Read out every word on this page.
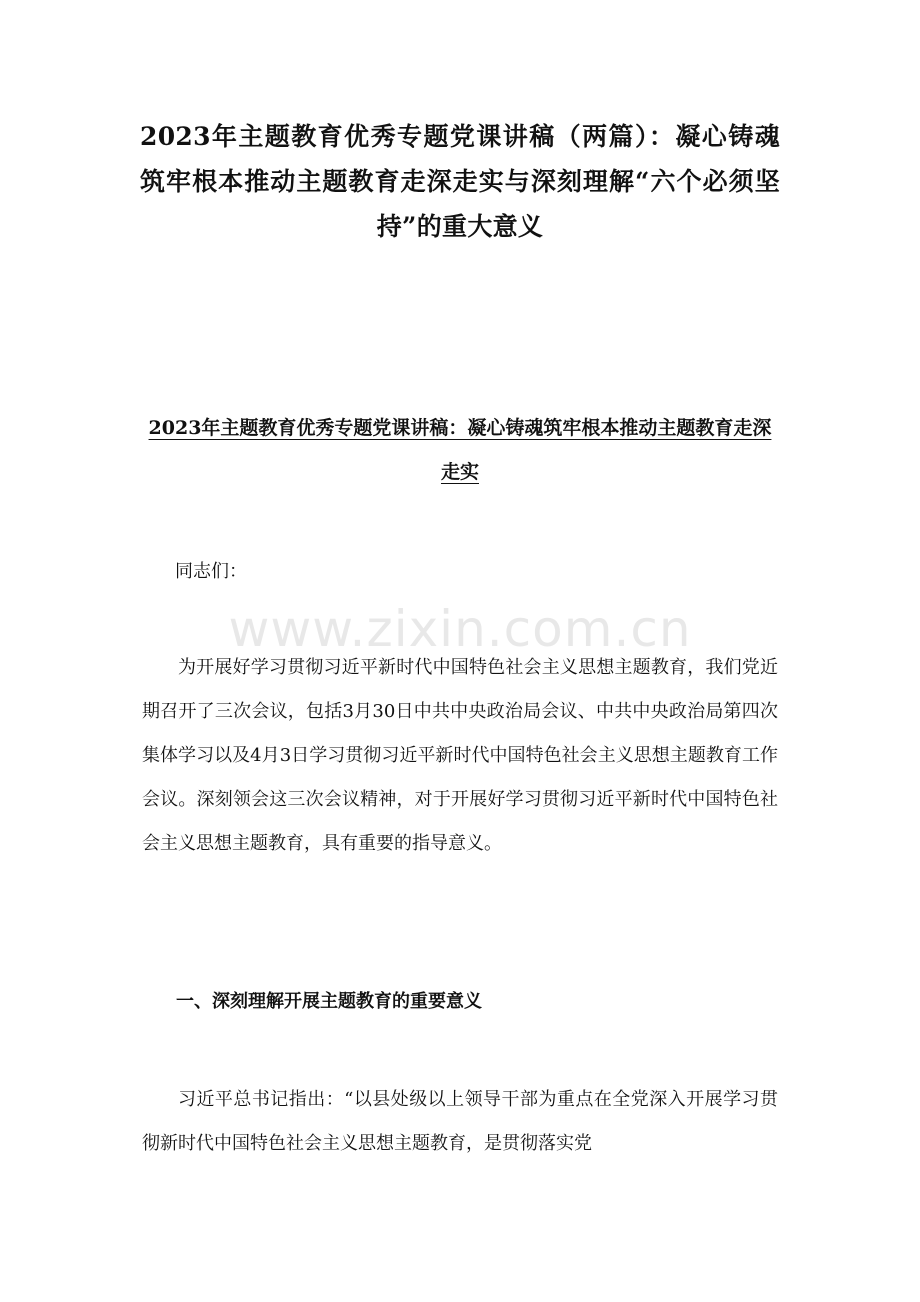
2023年主题教育优秀专题党课讲稿（两篇）：凝心铸魂筑牢根本推动主题教育走深走实与深刻理解“六个必须坚持”的重大意义
2023年主题教育优秀专题党课讲稿：凝心铸魂筑牢根本推动主题教育走深走实
同志们：
www.zixin.com.cn
为开展好学习贯彻习近平新时代中国特色社会主义思想主题教育，我们党近期召开了三次会议，包括3月30日中共中央政治局会议、中共中央政治局第四次集体学习以及4月3日学习贯彻习近平新时代中国特色社会主义思想主题教育工作会议。深刻领会这三次会议精神，对于开展好学习贯彻习近平新时代中国特色社会主义思想主题教育，具有重要的指导意义。
一、深刻理解开展主题教育的重要意义
习近平总书记指出：“以县处级以上领导干部为重点在全党深入开展学习贯彻新时代中国特色社会主义思想主题教育，是贯彻落实党
